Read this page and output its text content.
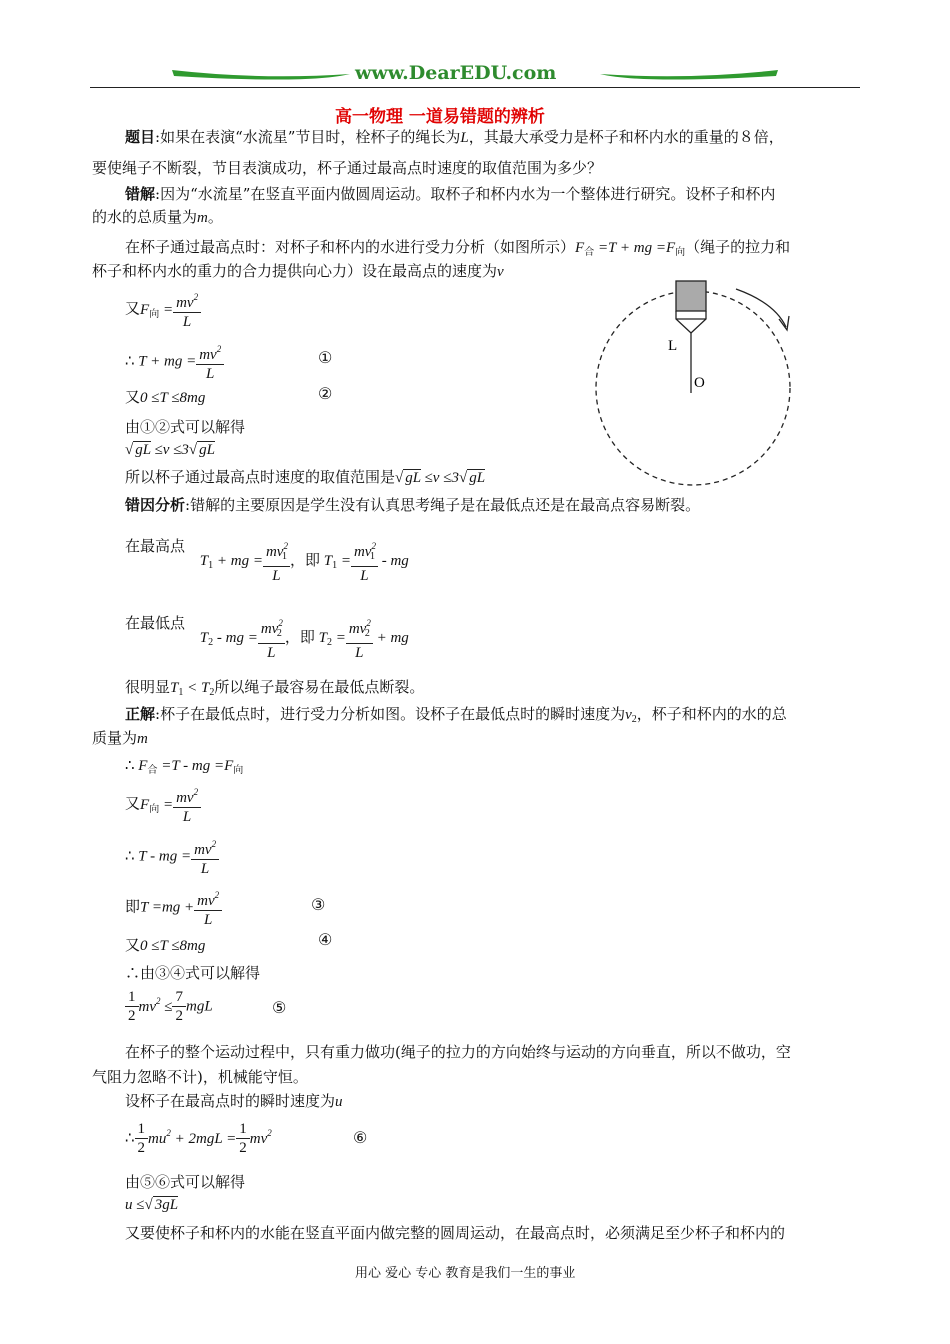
www.DearEDU.com
高一物理 一道易错题的辨析
题目:如果在表演“水流星”节目时，栓杯子的绳长为L，其最大承受力是杯子和杯内水的重量的８倍，
要使绳子不断裂，节目表演成功，杯子通过最高点时速度的取值范围为多少？
错解:因为“水流星”在竖直平面内做圆周运动。取杯子和杯内水为一个整体进行研究。设杯子和杯内
的水的总质量为m。
在杯子通过最高点时：对杯子和杯内的水进行受力分析（如图所示）$F_合 =T$ + mg $=F_向$（绳子的拉力和
杯子和杯内水的重力的合力提供向心力）设在最高点的速度为v
又$F_向 = \frac{mv^2}{L}$
∴ T + mg = $\frac{mv^2}{L}$	①
又0 ≤T ≤8mg	②
由①②式可以解得
√ gL ≤v ≤3√ gL
所以杯子通过最高点时速度的取值范围是√ gL ≤v ≤3√ gL
L
O
错因分析:错解的主要原因是学生没有认真思考绳子是在最低点还是在最高点容易断裂。
在最高点 $T_1$ + mg = $\frac{mv^2_1}{L}$ ，即 $T_1 = \frac{mv^2_1}{L}$ - mg
在最低点 $T_2$ - mg = $\frac{mv^2_2}{L}$ ，即 $T_2 = \frac{mv^2_2}{L}$ + mg
很明显$T_1 < T_2$所以绳子最容易在最低点断裂。
正解:杯子在最低点时，进行受力分析如图。设杯子在最低点时的瞬时速度为$v_2$，杯子和杯内的水的总
质量为m
∴ $F_合 =T$ - mg $=F_向$
又$F_向 = \frac{mv^2}{L}$
∴ T - mg = $\frac{mv^2}{L}$
即$T =mg + \frac{mv^2}{L}$	③
又0 ≤T ≤8mg	④
∴由③④式可以解得
$\frac{1}{2} mv^2 \le \frac{7}{2}$ mgL	⑤
在杯子的整个运动过程中，只有重力做功(绳子的拉力的方向始终与运动的方向垂直，所以不做功，空
气阻力忽略不计)，机械能守恒。
设杯子在最高点时的瞬时速度为u
∴ $\frac{1}{2} mu^2 + 2mgL = \frac{1}{2} mv^2$	⑥
由⑤⑥式可以解得
u ≤√ 3gL
又要使杯子和杯内的水能在竖直平面内做完整的圆周运动，在最高点时，必须满足至少杯子和杯内的
用心 爱心 专心 教育是我们一生的事业
